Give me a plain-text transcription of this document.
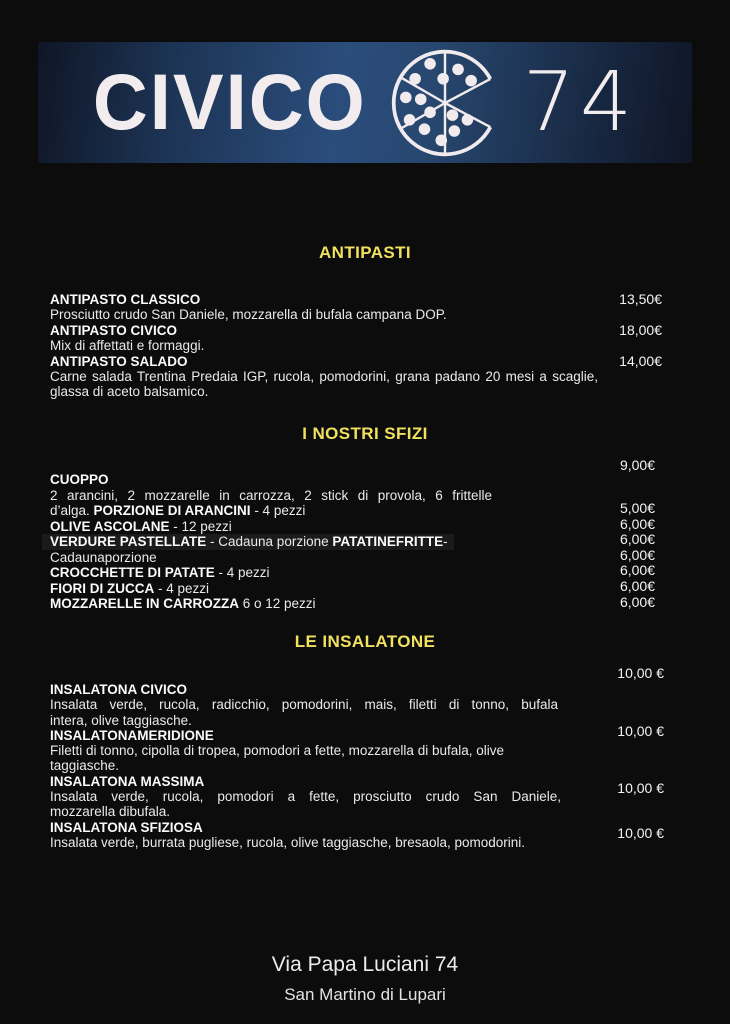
CIVICO 74
ANTIPASTI
ANTIPASTO CLASSICO
Prosciutto crudo San Daniele, mozzarella di bufala campana DOP.
ANTIPASTO CIVICO
Mix di affettati e formaggi.
ANTIPASTO SALADO
Carne salada Trentina Predaia IGP, rucola, pomodorini, grana padano 20 mesi a scaglie,
glassa di aceto balsamico.
13,50€
18,00€
14,00€
I NOSTRI SFIZI
CUOPPO
2 arancini, 2 mozzarelle in carrozza, 2 stick di provola, 6 frittelle
d’alga. PORZIONE DI ARANCINI - 4 pezzi
OLIVE ASCOLANE - 12 pezzi
VERDURE PASTELLATE - Cadauna porzione PATATINEFRITTE-
Cadaunaporzione
CROCCHETTE DI PATATE - 4 pezzi
FIORI DI ZUCCA - 4 pezzi
MOZZARELLE IN CARROZZA 6 o 12 pezzi
9,00€
5,00€
6,00€
6,00€
6,00€
6,00€
6,00€
6,00€
LE INSALATONE
INSALATONA CIVICO
Insalata verde, rucola, radicchio, pomodorini, mais, filetti di tonno, bufala
intera, olive taggiasche.
INSALATONAMERIDIONE
Filetti di tonno, cipolla di tropea, pomodori a fette, mozzarella di bufala, olive
taggiasche.
INSALATONA MASSIMA
Insalata verde, rucola, pomodori a fette, prosciutto crudo San Daniele,
mozzarella dibufala.
INSALATONA SFIZIOSA
Insalata verde, burrata pugliese, rucola, olive taggiasche, bresaola, pomodorini.
10,00 €
10,00 €
10,00 €
10,00 €
Via Papa Luciani 74
San Martino di Lupari
